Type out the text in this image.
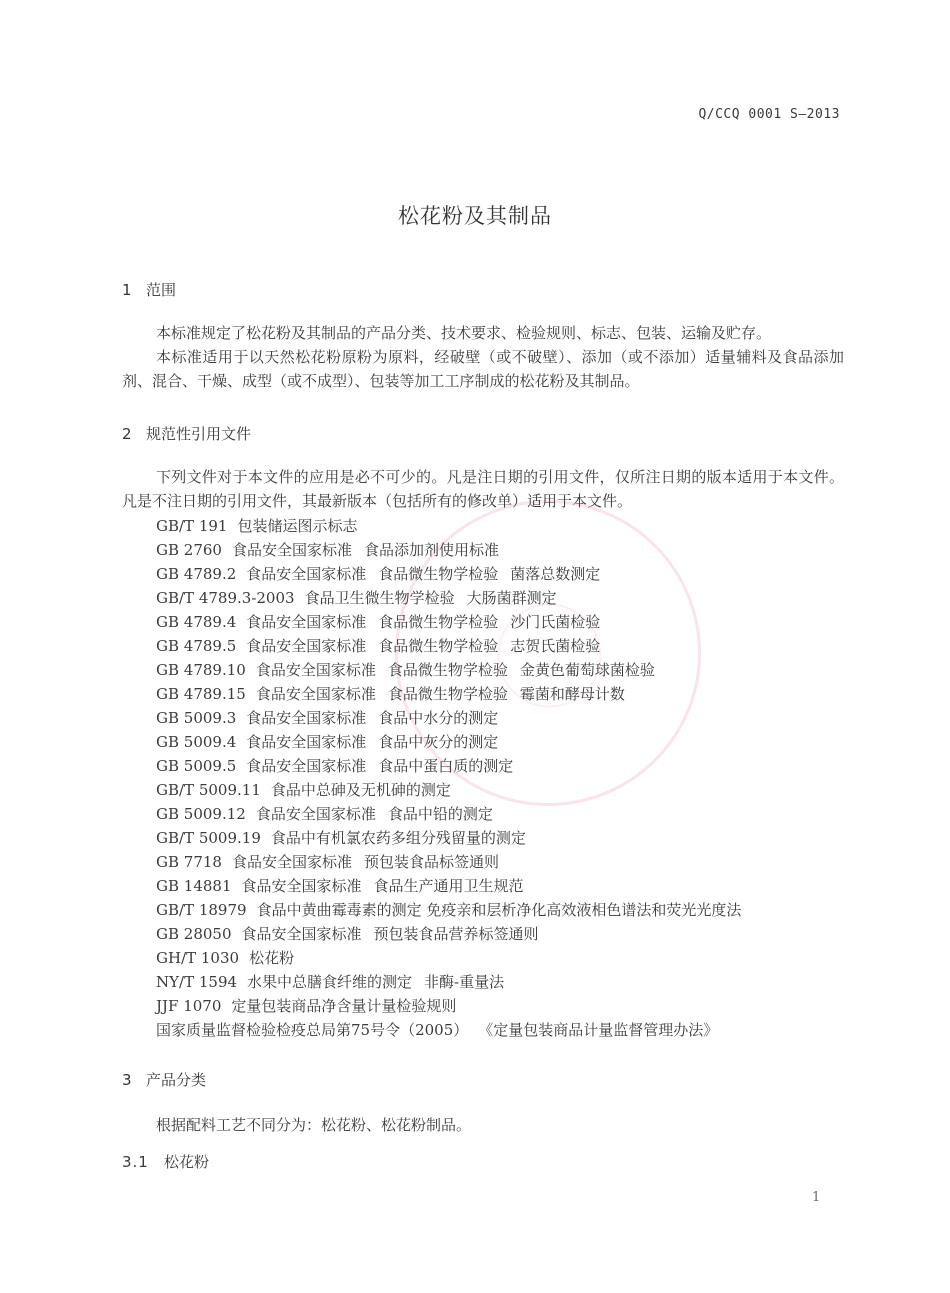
Q/CCQ 0001 S—2013
松花粉及其制品
1 范围

本标准规定了松花粉及其制品的产品分类、技术要求、检验规则、标志、包装、运输及贮存。

本标准适用于以天然松花粉原粉为原料，经破壁（或不破壁）、添加（或不添加）适量辅料及食品添加剂、混合、干燥、成型（或不成型）、包装等加工工序制成的松花粉及其制品。

2 规范性引用文件

下列文件对于本文件的应用是必不可少的。凡是注日期的引用文件，仅所注日期的版本适用于本文件。凡是不注日期的引用文件，其最新版本（包括所有的修改单）适用于本文件。

GB/T 191 包装储运图示标志
GB 2760 食品安全国家标准 食品添加剂使用标准
GB 4789.2 食品安全国家标准 食品微生物学检验 菌落总数测定
GB/T 4789.3-2003 食品卫生微生物学检验 大肠菌群测定
GB 4789.4 食品安全国家标准 食品微生物学检验 沙门氏菌检验
GB 4789.5 食品安全国家标准 食品微生物学检验 志贺氏菌检验
GB 4789.10 食品安全国家标准 食品微生物学检验 金黄色葡萄球菌检验
GB 4789.15 食品安全国家标准 食品微生物学检验 霉菌和酵母计数
GB 5009.3 食品安全国家标准 食品中水分的测定
GB 5009.4 食品安全国家标准 食品中灰分的测定
GB 5009.5 食品安全国家标准 食品中蛋白质的测定
GB/T 5009.11 食品中总砷及无机砷的测定
GB 5009.12 食品安全国家标准 食品中铅的测定
GB/T 5009.19 食品中有机氯农药多组分残留量的测定
GB 7718 食品安全国家标准 预包装食品标签通则
GB 14881 食品安全国家标准 食品生产通用卫生规范
GB/T 18979 食品中黄曲霉毒素的测定 免疫亲和层析净化高效液相色谱法和荧光光度法
GB 28050 食品安全国家标准 预包装食品营养标签通则
GH/T 1030 松花粉
NY/T 1594 水果中总膳食纤维的测定 非酶-重量法
JJF 1070 定量包装商品净含量计量检验规则
国家质量监督检验检疫总局第75号令（2005） 《定量包装商品计量监督管理办法》
3 产品分类

根据配料工艺不同分为：松花粉、松花粉制品。

3.1 松花粉
1
